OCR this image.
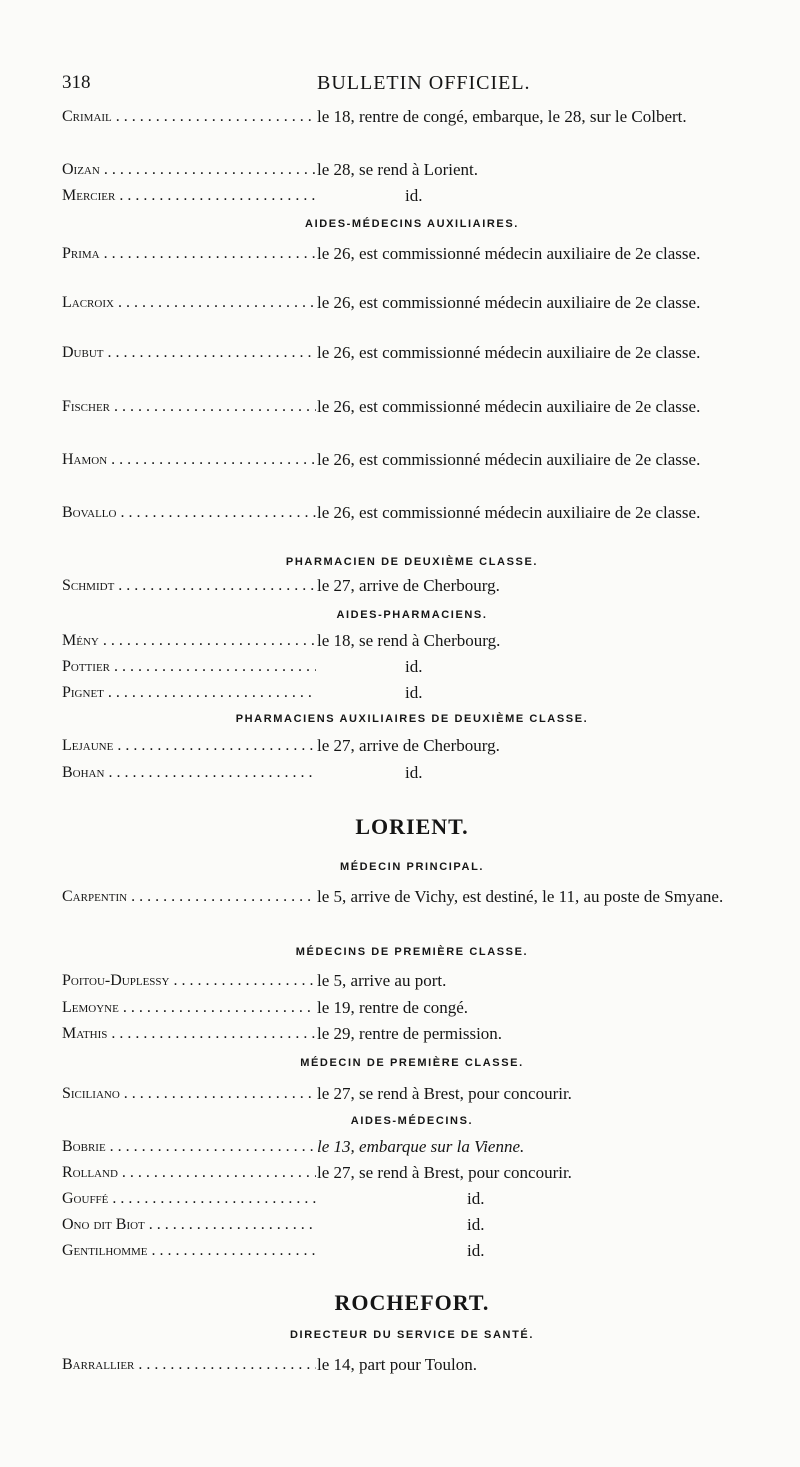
318	BULLETIN OFFICIEL.
Crimail . . .	le 18, rentre de congé, embarque, le 28, sur le Colbert.
Oizan . . .	le 28, se rend à Lorient.
Mercier . . .	id.
AIDES-MÉDECINS AUXILIAIRES.
Prima . . .	le 26, est commissionné médecin auxiliaire de 2e classe.
Lacroix . . .	le 26, est commissionné médecin auxiliaire de 2e classe.
Dubut . . .	le 26, est commissionné médecin auxiliaire de 2e classe.
Fischer . . .	le 26, est commissionné médecin auxiliaire de 2e classe.
Hamon . . .	le 26, est commissionné médecin auxiliaire de 2e classe.
Bovallo . . .	le 26, est commissionné médecin auxiliaire de 2e classe.
PHARMACIEN DE DEUXIÈME CLASSE.
Schmidt . . .	le 27, arrive de Cherbourg.
AIDES-PHARMACIENS.
Mény . . .	le 18, se rend à Cherbourg.
Pottier . . .	id.
Pignet . . .	id.
PHARMACIENS AUXILIAIRES DE DEUXIÈME CLASSE.
Lejaune . . .	le 27, arrive de Cherbourg.
Bohan . . .	id.
LORIENT.
MÉDECIN PRINCIPAL.
Carpentin . . .	le 5, arrive de Vichy, est destiné, le 11, au poste de Smyane.
MÉDECINS DE PREMIÈRE CLASSE.
Poitou-Duplessy . . .	le 5, arrive au port.
Lemoyne . . .	le 19, rentre de congé.
Mathis . . .	le 29, rentre de permission.
MÉDECIN DE PREMIÈRE CLASSE.
Siciliano . . .	le 27, se rend à Brest, pour concourir.
AIDES-MÉDECINS.
Bobrie . . .	le 13, embarque sur la Vienne.
Rolland . . .	le 27, se rend à Brest, pour concourir.
Gouffé . . .	id.
Ono dit Biot . . .	id.
Gentilhomme . . .	id.
ROCHEFORT.
DIRECTEUR DU SERVICE DE SANTÉ.
Barrallier . . .	le 14, part pour Toulon.
